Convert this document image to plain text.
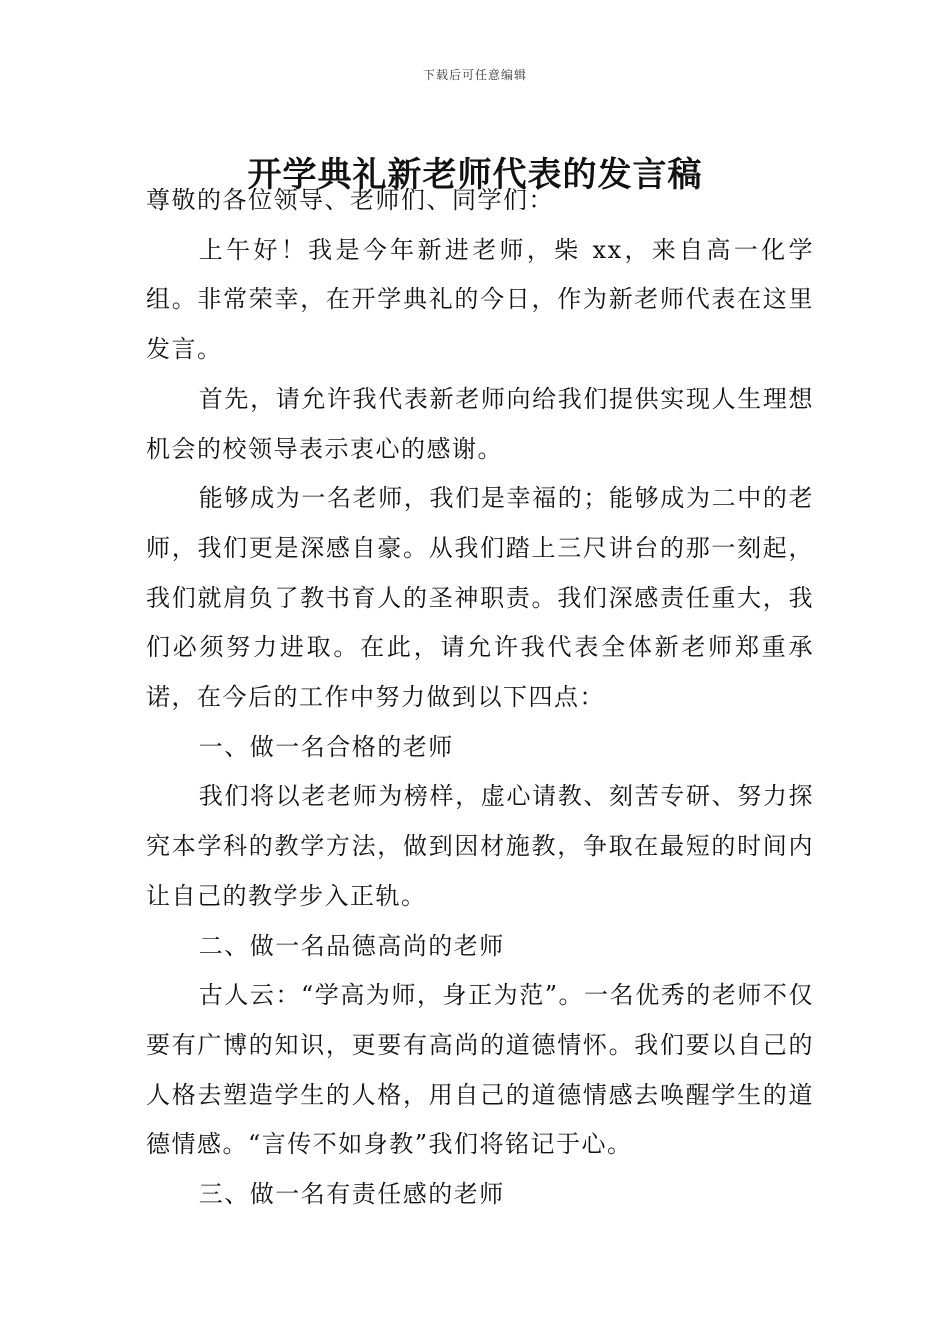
下载后可任意编辑
开学典礼新老师代表的发言稿

尊敬的各位领导、老师们、同学们：

上午好！我是今年新进老师，柴 xx，来自高一化学组。非常荣幸，在开学典礼的今日，作为新老师代表在这里发言。

首先，请允许我代表新老师向给我们提供实现人生理想机会的校领导表示衷心的感谢。

能够成为一名老师，我们是幸福的；能够成为二中的老师，我们更是深感自豪。从我们踏上三尺讲台的那一刻起，我们就肩负了教书育人的圣神职责。我们深感责任重大，我们必须努力进取。在此，请允许我代表全体新老师郑重承诺，在今后的工作中努力做到以下四点：

一、做一名合格的老师

我们将以老老师为榜样，虚心请教、刻苦专研、努力探究本学科的教学方法，做到因材施教，争取在最短的时间内让自己的教学步入正轨。

二、做一名品德高尚的老师

古人云：“学高为师，身正为范”。一名优秀的老师不仅要有广博的知识，更要有高尚的道德情怀。我们要以自己的人格去塑造学生的人格，用自己的道德情感去唤醒学生的道德情感。“言传不如身教”我们将铭记于心。

三、做一名有责任感的老师
